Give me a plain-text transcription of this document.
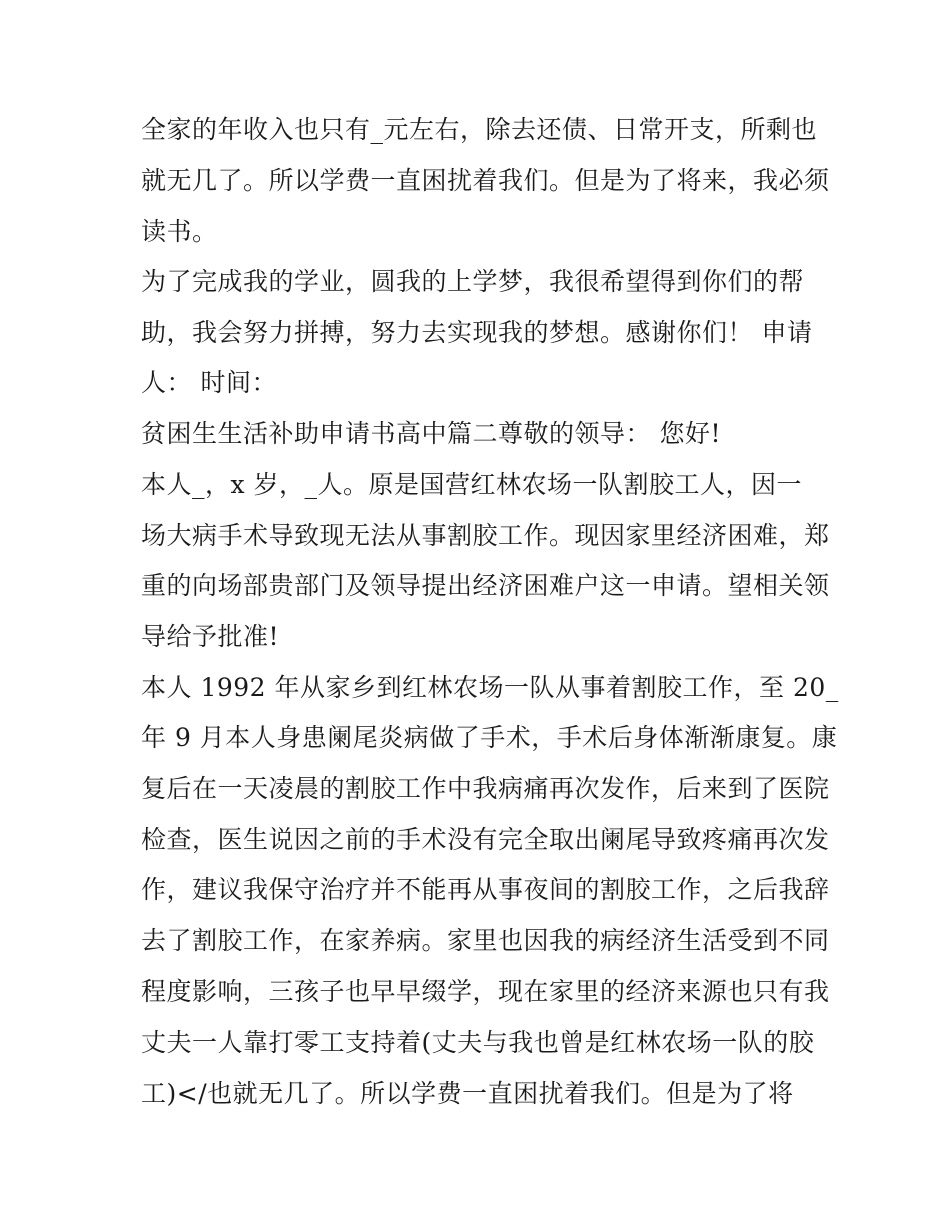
全家的年收入也只有_元左右，除去还债、日常开支，所剩也
就无几了。所以学费一直困扰着我们。但是为了将来，我必须
读书。
为了完成我的学业，圆我的上学梦，我很希望得到你们的帮
助，我会努力拼搏，努力去实现我的梦想。感谢你们！ 申请
人： 时间：
贫困生生活补助申请书高中篇二尊敬的领导： 您好!
本人_，x 岁，_人。原是国营红林农场一队割胶工人，因一
场大病手术导致现无法从事割胶工作。现因家里经济困难，郑
重的向场部贵部门及领导提出经济困难户这一申请。望相关领
导给予批准!
本人 1992 年从家乡到红林农场一队从事着割胶工作，至 20_
年 9 月本人身患阑尾炎病做了手术，手术后身体渐渐康复。康
复后在一天凌晨的割胶工作中我病痛再次发作，后来到了医院
检查，医生说因之前的手术没有完全取出阑尾导致疼痛再次发
作，建议我保守治疗并不能再从事夜间的割胶工作，之后我辞
去了割胶工作，在家养病。家里也因我的病经济生活受到不同
程度影响，三孩子也早早缀学，现在家里的经济来源也只有我
丈夫一人靠打零工支持着(丈夫与我也曾是红林农场一队的胶
工)</也就无几了。所以学费一直困扰着我们。但是为了将
